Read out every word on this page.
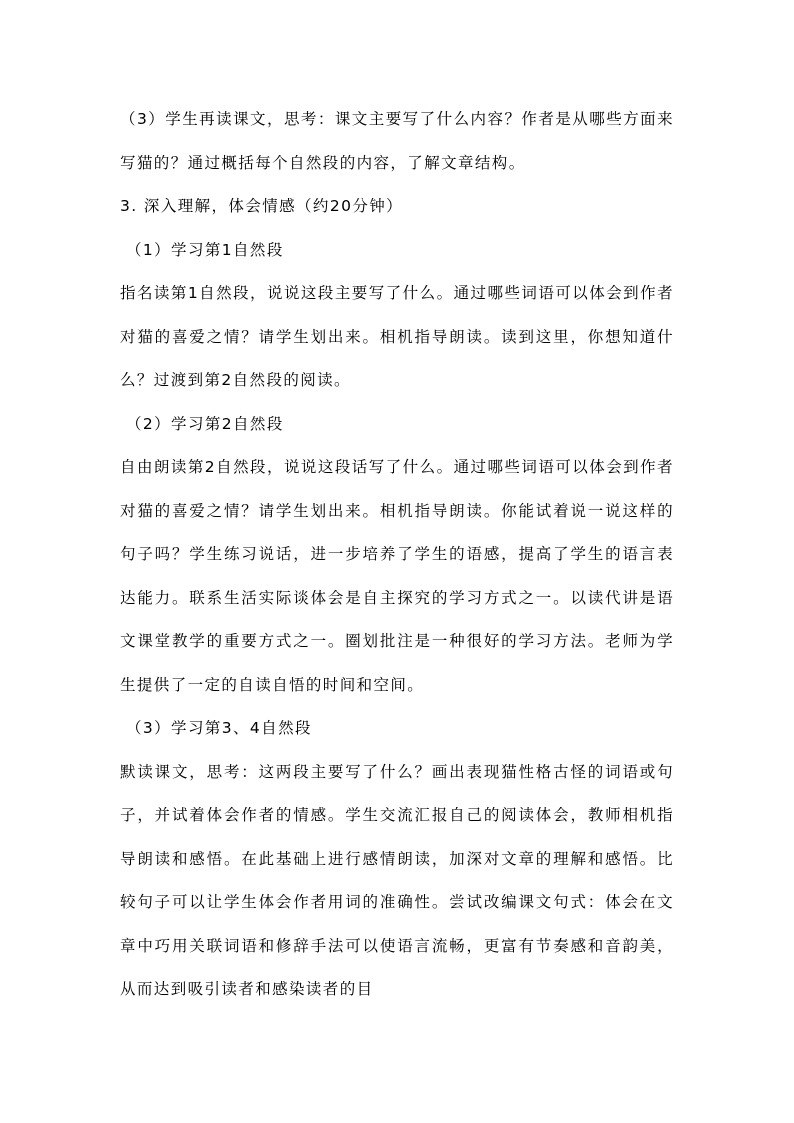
（3）学生再读课文，思考：课文主要写了什么内容？作者是从哪些方面来写猫的？通过概括每个自然段的内容，了解文章结构。

3. 深入理解，体会情感（约20分钟）

（1）学习第1自然段

指名读第1自然段，说说这段主要写了什么。通过哪些词语可以体会到作者对猫的喜爱之情？请学生划出来。相机指导朗读。读到这里，你想知道什么？过渡到第2自然段的阅读。

（2）学习第2自然段

自由朗读第2自然段，说说这段话写了什么。通过哪些词语可以体会到作者对猫的喜爱之情？请学生划出来。相机指导朗读。你能试着说一说这样的句子吗？学生练习说话，进一步培养了学生的语感，提高了学生的语言表达能力。联系生活实际谈体会是自主探究的学习方式之一。以读代讲是语文课堂教学的重要方式之一。圈划批注是一种很好的学习方法。老师为学生提供了一定的自读自悟的时间和空间。

（3）学习第3、4自然段

默读课文，思考：这两段主要写了什么？画出表现猫性格古怪的词语或句子，并试着体会作者的情感。学生交流汇报自己的阅读体会，教师相机指导朗读和感悟。在此基础上进行感情朗读，加深对文章的理解和感悟。比较句子可以让学生体会作者用词的准确性。尝试改编课文句式：体会在文章中巧用关联词语和修辞手法可以使语言流畅，更富有节奏感和音韵美，从而达到吸引读者和感染读者的目
